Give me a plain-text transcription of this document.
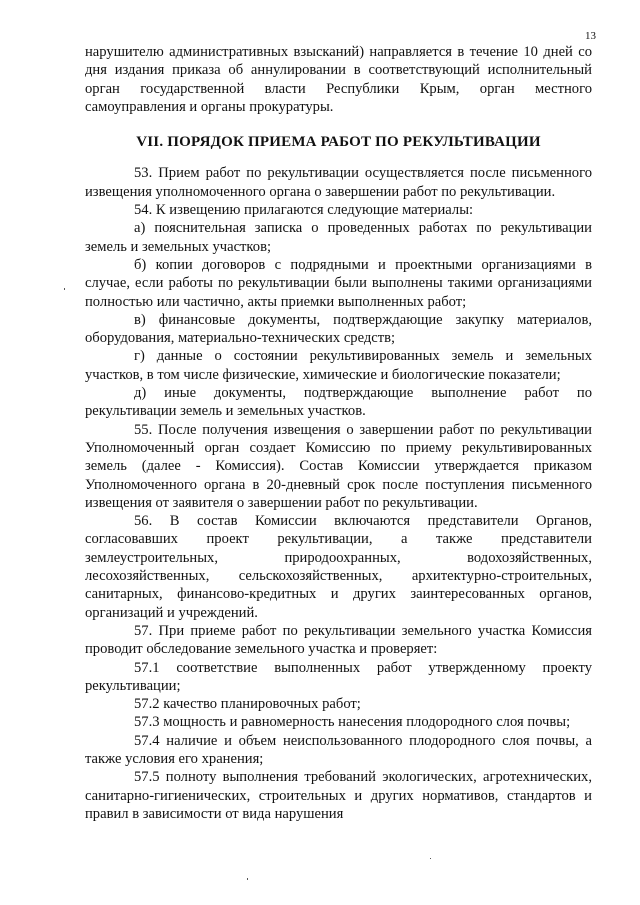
13

нарушителю административных взысканий) направляется в течение 10 дней со дня издания приказа об аннулировании в соответствующий исполнительный орган государственной власти Республики Крым, орган местного самоуправления и органы прокуратуры.

VII. ПОРЯДОК ПРИЕМА РАБОТ ПО РЕКУЛЬТИВАЦИИ

53. Прием работ по рекультивации осуществляется после письменного извещения уполномоченного органа о завершении работ по рекультивации.

54. К извещению прилагаются следующие материалы:

а) пояснительная записка о проведенных работах по рекультивации земель и земельных участков;

б) копии договоров с подрядными и проектными организациями в случае, если работы по рекультивации были выполнены такими организациями полностью или частично, акты приемки выполненных работ;

в) финансовые документы, подтверждающие закупку материалов, оборудования, материально-технических средств;

г) данные о состоянии рекультивированных земель и земельных участков, в том числе физические, химические и биологические показатели;

д) иные документы, подтверждающие выполнение работ по рекультивации земель и земельных участков.

55. После получения извещения о завершении работ по рекультивации Уполномоченный орган создает Комиссию по приему рекультивированных земель (далее - Комиссия). Состав Комиссии утверждается приказом Уполномоченного органа в 20-дневный срок после поступления письменного извещения от заявителя о завершении работ по рекультивации.

56. В состав Комиссии включаются представители Органов, согласовавших проект рекультивации, а также представители землеустроительных, природоохранных, водохозяйственных, лесохозяйственных, сельскохозяйственных, архитектурно-строительных, санитарных, финансово-кредитных и других заинтересованных органов, организаций и учреждений.

57. При приеме работ по рекультивации земельного участка Комиссия проводит обследование земельного участка и проверяет:

57.1 соответствие выполненных работ утвержденному проекту рекультивации;

57.2 качество планировочных работ;

57.3 мощность и равномерность нанесения плодородного слоя почвы;

57.4 наличие и объем неиспользованного плодородного слоя почвы, а также условия его хранения;

57.5 полноту выполнения требований экологических, агротехнических, санитарно-гигиенических, строительных и других нормативов, стандартов и правил в зависимости от вида нарушения
